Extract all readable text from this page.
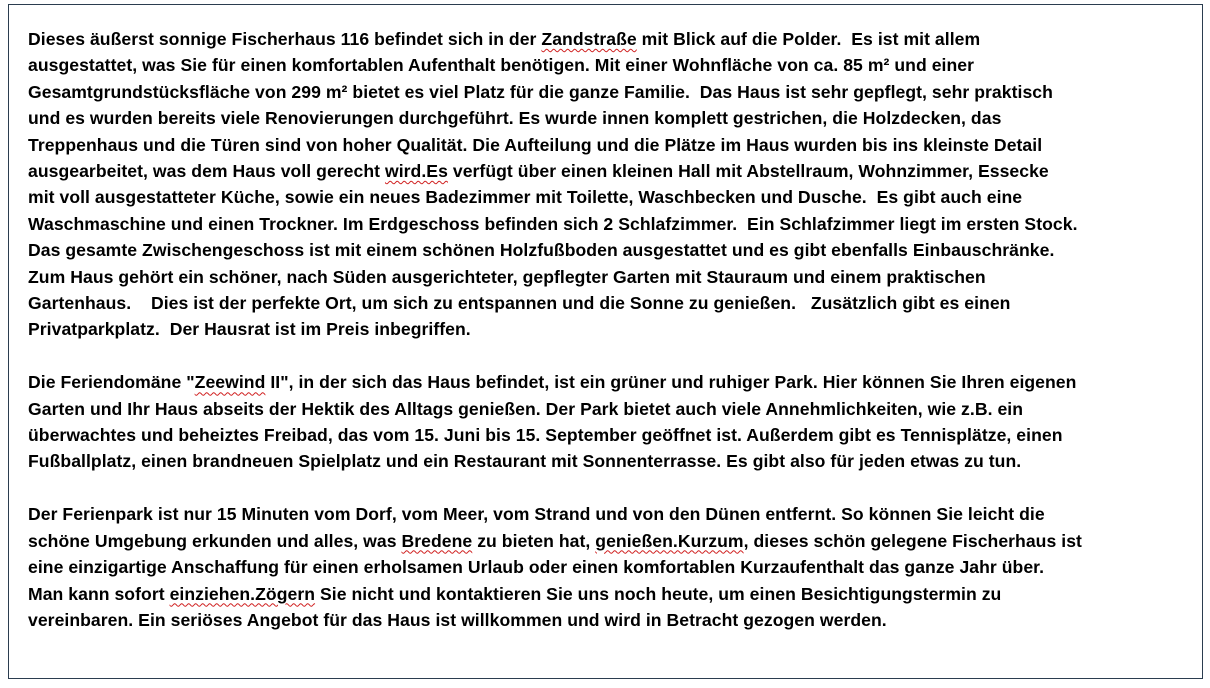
Dieses äußerst sonnige Fischerhaus 116 befindet sich in der Zandstraße mit Blick auf die Polder.  Es ist mit allem
ausgestattet, was Sie für einen komfortablen Aufenthalt benötigen. Mit einer Wohnfläche von ca. 85 m² und einer
Gesamtgrundstücksfläche von 299 m² bietet es viel Platz für die ganze Familie.  Das Haus ist sehr gepflegt, sehr praktisch
und es wurden bereits viele Renovierungen durchgeführt. Es wurde innen komplett gestrichen, die Holzdecken, das
Treppenhaus und die Türen sind von hoher Qualität. Die Aufteilung und die Plätze im Haus wurden bis ins kleinste Detail
ausgearbeitet, was dem Haus voll gerecht wird.Es verfügt über einen kleinen Hall mit Abstellraum, Wohnzimmer, Essecke
mit voll ausgestatteter Küche, sowie ein neues Badezimmer mit Toilette, Waschbecken und Dusche.  Es gibt auch eine
Waschmaschine und einen Trockner. Im Erdgeschoss befinden sich 2 Schlafzimmer.  Ein Schlafzimmer liegt im ersten Stock.
Das gesamte Zwischengeschoss ist mit einem schönen Holzfußboden ausgestattet und es gibt ebenfalls Einbauschränke.
Zum Haus gehört ein schöner, nach Süden ausgerichteter, gepflegter Garten mit Stauraum und einem praktischen
Gartenhaus.    Dies ist der perfekte Ort, um sich zu entspannen und die Sonne zu genießen.   Zusätzlich gibt es einen
Privatparkplatz.  Der Hausrat ist im Preis inbegriffen.
Die Feriendomäne "Zeewind II", in der sich das Haus befindet, ist ein grüner und ruhiger Park. Hier können Sie Ihren eigenen
Garten und Ihr Haus abseits der Hektik des Alltags genießen. Der Park bietet auch viele Annehmlichkeiten, wie z.B. ein
überwachtes und beheiztes Freibad, das vom 15. Juni bis 15. September geöffnet ist. Außerdem gibt es Tennisplätze, einen
Fußballplatz, einen brandneuen Spielplatz und ein Restaurant mit Sonnenterrasse. Es gibt also für jeden etwas zu tun.
Der Ferienpark ist nur 15 Minuten vom Dorf, vom Meer, vom Strand und von den Dünen entfernt. So können Sie leicht die
schöne Umgebung erkunden und alles, was Bredene zu bieten hat, genießen.Kurzum, dieses schön gelegene Fischerhaus ist
eine einzigartige Anschaffung für einen erholsamen Urlaub oder einen komfortablen Kurzaufenthalt das ganze Jahr über.
Man kann sofort einziehen.Zögern Sie nicht und kontaktieren Sie uns noch heute, um einen Besichtigungstermin zu
vereinbaren. Ein seriöses Angebot für das Haus ist willkommen und wird in Betracht gezogen werden.
